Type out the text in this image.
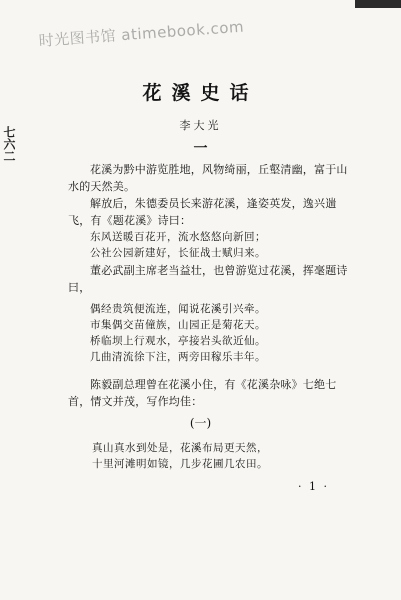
时光图书馆 atimebook.com
七六二
花溪史话
李大光
一
花溪为黔中游览胜地，风物绮丽，丘壑清幽，富于山水的天然美。
解放后，朱德委员长来游花溪，逢姿英发，逸兴遄飞，有《题花溪》诗曰：
东风送暖百花开，流水悠悠向新回；
公社公园新建好，长征战士赋归来。
董必武副主席老当益壮，也曾游览过花溪，挥毫题诗曰，
偶经贵筑便流连，闻说花溪引兴牵。
市集偶交苗僮族，山园正是菊花天。
桥临坝上行观水，亭接岩头欲近仙。
几曲清流徐下注，两旁田稼乐丰年。
陈毅副总理曾在花溪小住，有《花溪杂咏》七绝七首，情文并茂，写作均佳：
(一)
真山真水到处是，花溪布局更天然，
十里河滩明如镜，几步花圃几农田。
· 1 ·
